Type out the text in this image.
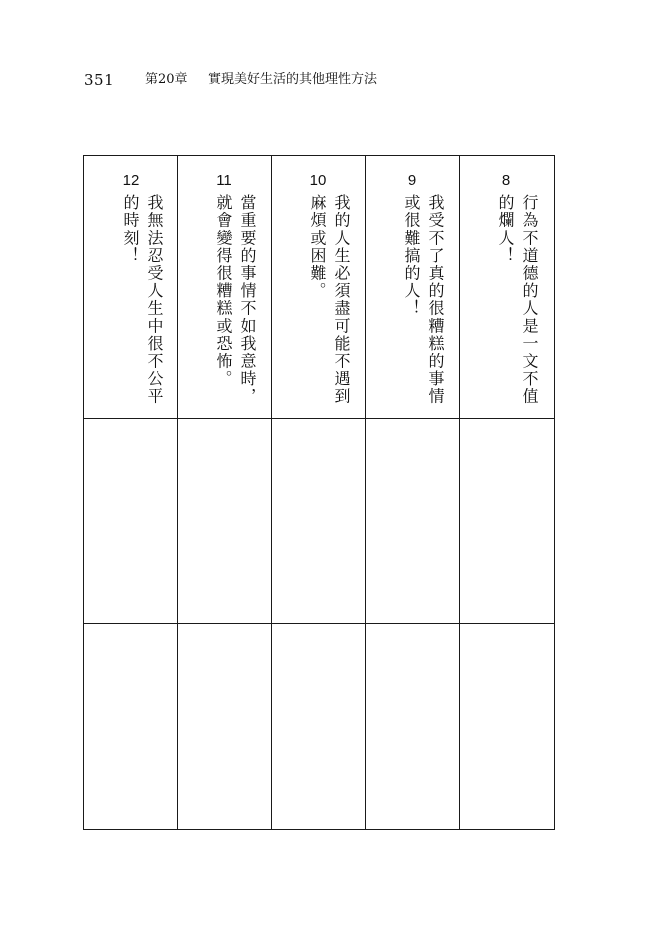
351 第20章 實現美好生活的其他理性方法
8
行為不道德的人是一文不值的爛人！
9
我受不了真的很糟糕的事情或很難搞的人！
10
我的人生必須盡可能不遇到麻煩或困難。
11
當重要的事情不如我意時，就會變得很糟糕或恐怖。
12
我無法忍受人生中很不公平的時刻！
